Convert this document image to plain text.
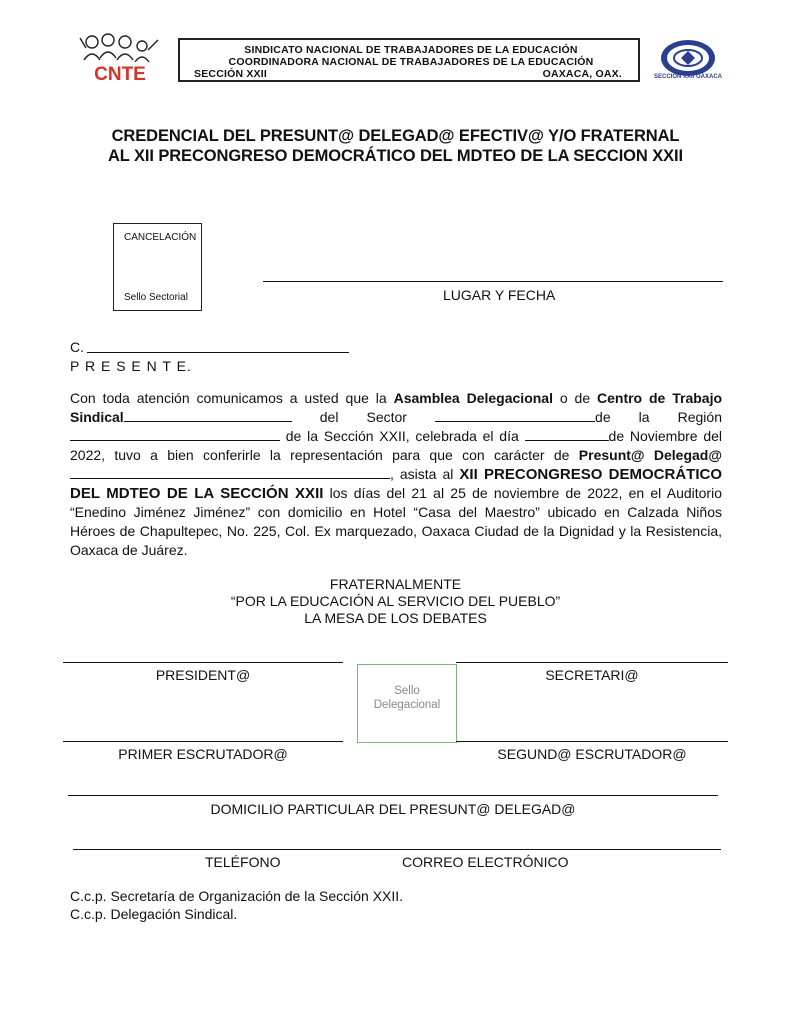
CNTE
SINDICATO NACIONAL DE TRABAJADORES DE LA EDUCACIÓN
COORDINADORA NACIONAL DE TRABAJADORES DE LA EDUCACIÓN
SECCIÓN XXII	OAXACA, OAX.	SECCION XXII OAXACA
CREDENCIAL DEL PRESUNT@ DELEGAD@ EFECTIV@ Y/O FRATERNAL
AL XII PRECONGRESO DEMOCRÁTICO DEL MDTEO DE LA SECCION XXII
CANCELACIÓN
Sello Sectorial	LUGAR Y FECHA
C.
P R E S E N T E.
Con toda atención comunicamos a usted que la Asamblea Delegacional o de Centro de Trabajo Sindical	del Sector	de la Región  de la Sección XXII, celebrada el día	de Noviembre del 2022, tuvo a bien conferirle la representación para que con carácter de Presunt@ Delegad@ , asista al XII PRECONGRESO DEMOCRÁTICO DEL MDTEO DE LA SECCIÓN XXII los días del 21 al 25 de noviembre de 2022, en el Auditorio “Enedino Jiménez Jiménez” con domicilio en Hotel “Casa del Maestro” ubicado en Calzada Niños Héroes de Chapultepec, No. 225, Col. Ex marquezado, Oaxaca Ciudad de la Dignidad y la Resistencia, Oaxaca de Juárez.
FRATERNALMENTE
“POR LA EDUCACIÓN AL SERVICIO DEL PUEBLO”
LA MESA DE LOS DEBATES
PRESIDENT@	SECRETARI@
Sello
Delegacional
PRIMER ESCRUTADOR@	SEGUND@ ESCRUTADOR@
DOMICILIO PARTICULAR DEL PRESUNT@ DELEGAD@
TELÉFONO	CORREO ELECTRÓNICO
C.c.p. Secretaría de Organización de la Sección XXII.
C.c.p. Delegación Sindical.
